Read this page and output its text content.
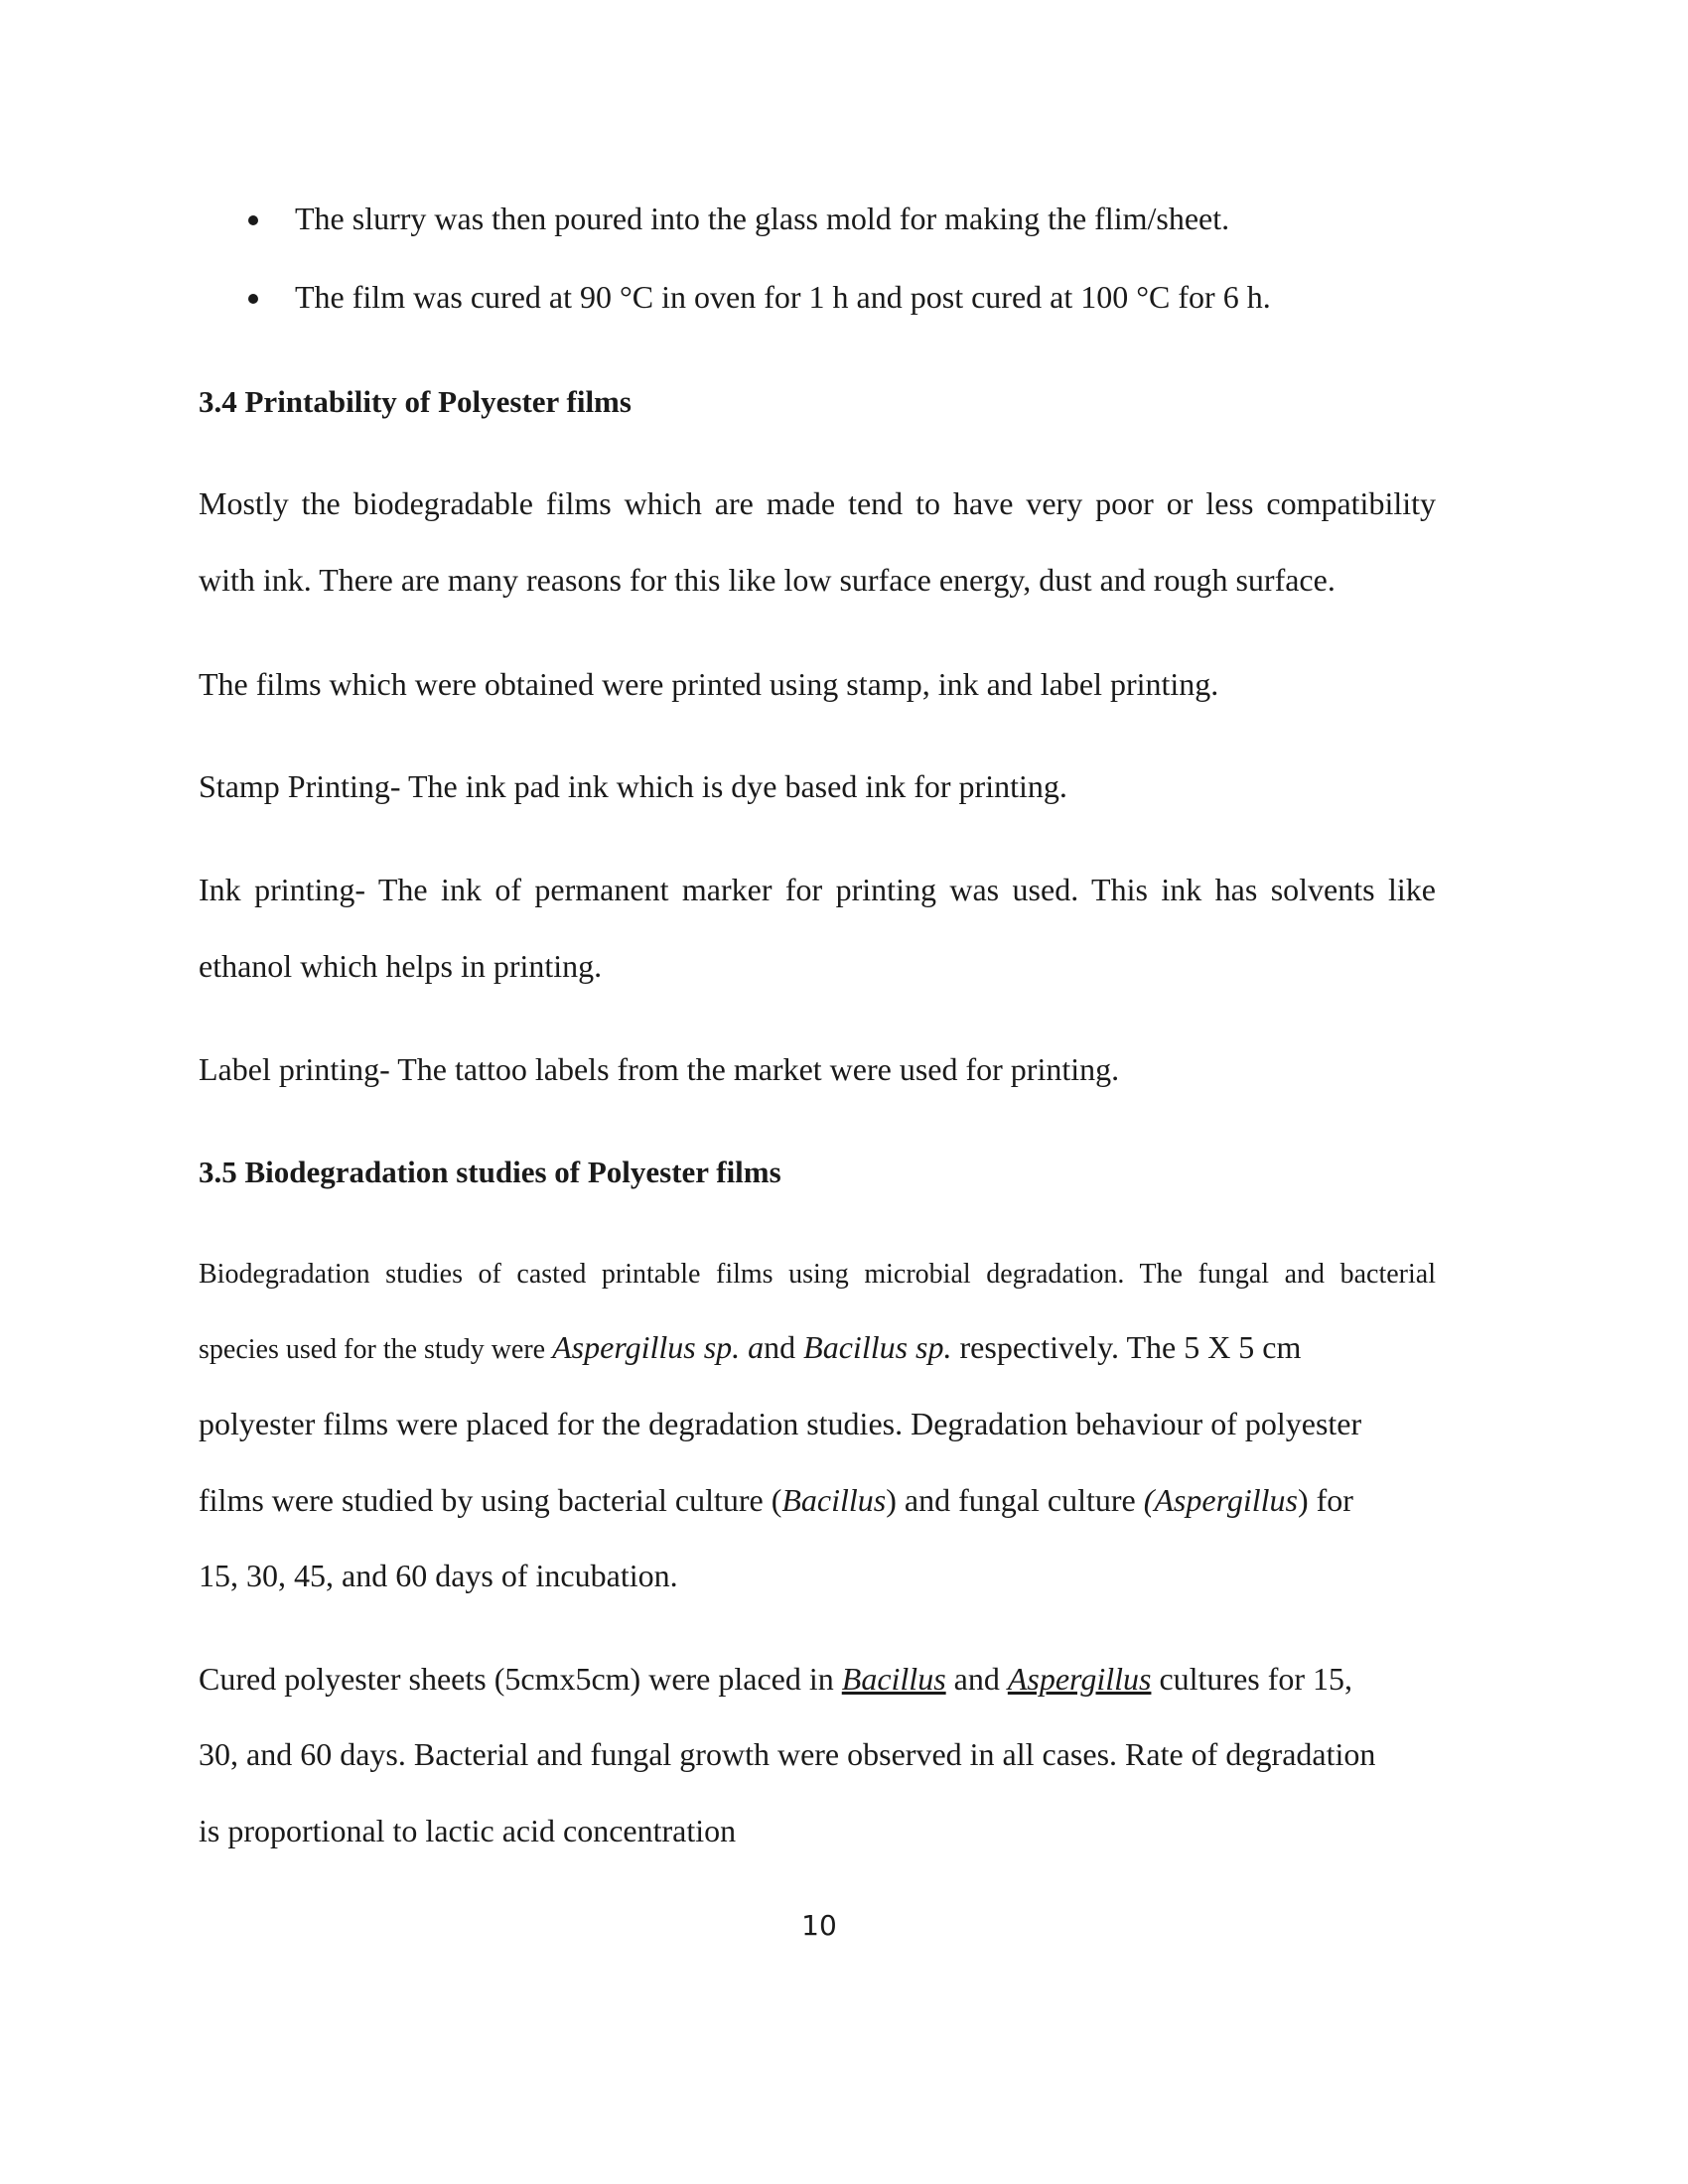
The slurry was then poured into the glass mold for making the flim/sheet.

The film was cured at 90 °C in oven for 1 h and post cured at 100 °C for 6 h.

3.4 Printability of Polyester films

Mostly the biodegradable films which are made tend to have very poor or less compatibility

with ink. There are many reasons for this like low surface energy, dust and rough surface.

The films which were obtained were printed using stamp, ink and label printing.

Stamp Printing- The ink pad ink which is dye based ink for printing.

Ink printing- The ink of permanent marker for printing was used. This ink has solvents like

ethanol which helps in printing.

Label printing- The tattoo labels from the market were used for printing.

3.5 Biodegradation studies of Polyester films

Biodegradation studies of casted printable films using microbial degradation. The fungal and bacterial

species used for the study were Aspergillus sp. and Bacillus sp. respectively. The 5 X 5 cm

polyester films were placed for the degradation studies. Degradation behaviour of polyester

films were studied by using bacterial culture (Bacillus) and fungal culture (Aspergillus) for

15, 30, 45, and 60 days of incubation.

Cured polyester sheets (5cmx5cm) were placed in Bacillus and Aspergillus cultures for 15,

30, and 60 days. Bacterial and fungal growth were observed in all cases. Rate of degradation

is proportional to lactic acid concentration

10
